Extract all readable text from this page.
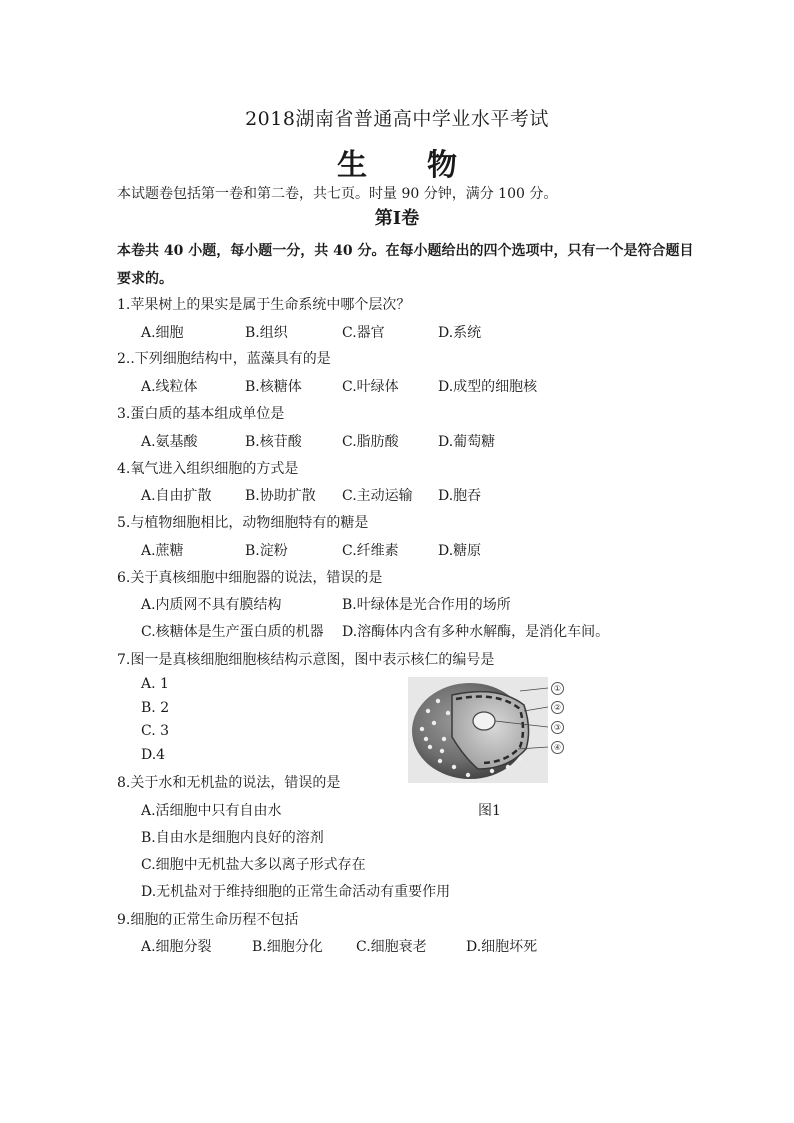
2018湖南省普通高中学业水平考试
生　　物
本试题卷包括第一卷和第二卷，共七页。时量 90 分钟，满分 100 分。
第Ⅰ卷
本卷共 40 小题，每小题一分，共 40 分。在每小题给出的四个选项中，只有一个是符合题目
要求的。
1.苹果树上的果实是属于生命系统中哪个层次？
A.细胞	B.组织	C.器官	D.系统
2..下列细胞结构中，蓝藻具有的是
A.线粒体	B.核糖体	C.叶绿体	D.成型的细胞核
3.蛋白质的基本组成单位是
A.氨基酸	B.核苷酸	C.脂肪酸	D.葡萄糖
4.氧气进入组织细胞的方式是
A.自由扩散 B.协助扩散 C.主动运输 D.胞吞
5.与植物细胞相比，动物细胞特有的糖是
A.蔗糖	B.淀粉	C.纤维素	D.糖原
6.关于真核细胞中细胞器的说法，错误的是
A.内质网不具有膜结构	B.叶绿体是光合作用的场所
C.核糖体是生产蛋白质的机器 D.溶酶体内含有多种水解酶，是消化车间。
7.图一是真核细胞细胞核结构示意图，图中表示核仁的编号是
A. 1
B. 2
C. 3
D.4
①
②
③
④
8.关于水和无机盐的说法，错误的是
A.活细胞中只有自由水	图1
B.自由水是细胞内良好的溶剂
C.细胞中无机盐大多以离子形式存在
D.无机盐对于维持细胞的正常生命活动有重要作用
9.细胞的正常生命历程不包括
A.细胞分裂	B.细胞分化 C.细胞衰老	D.细胞坏死
